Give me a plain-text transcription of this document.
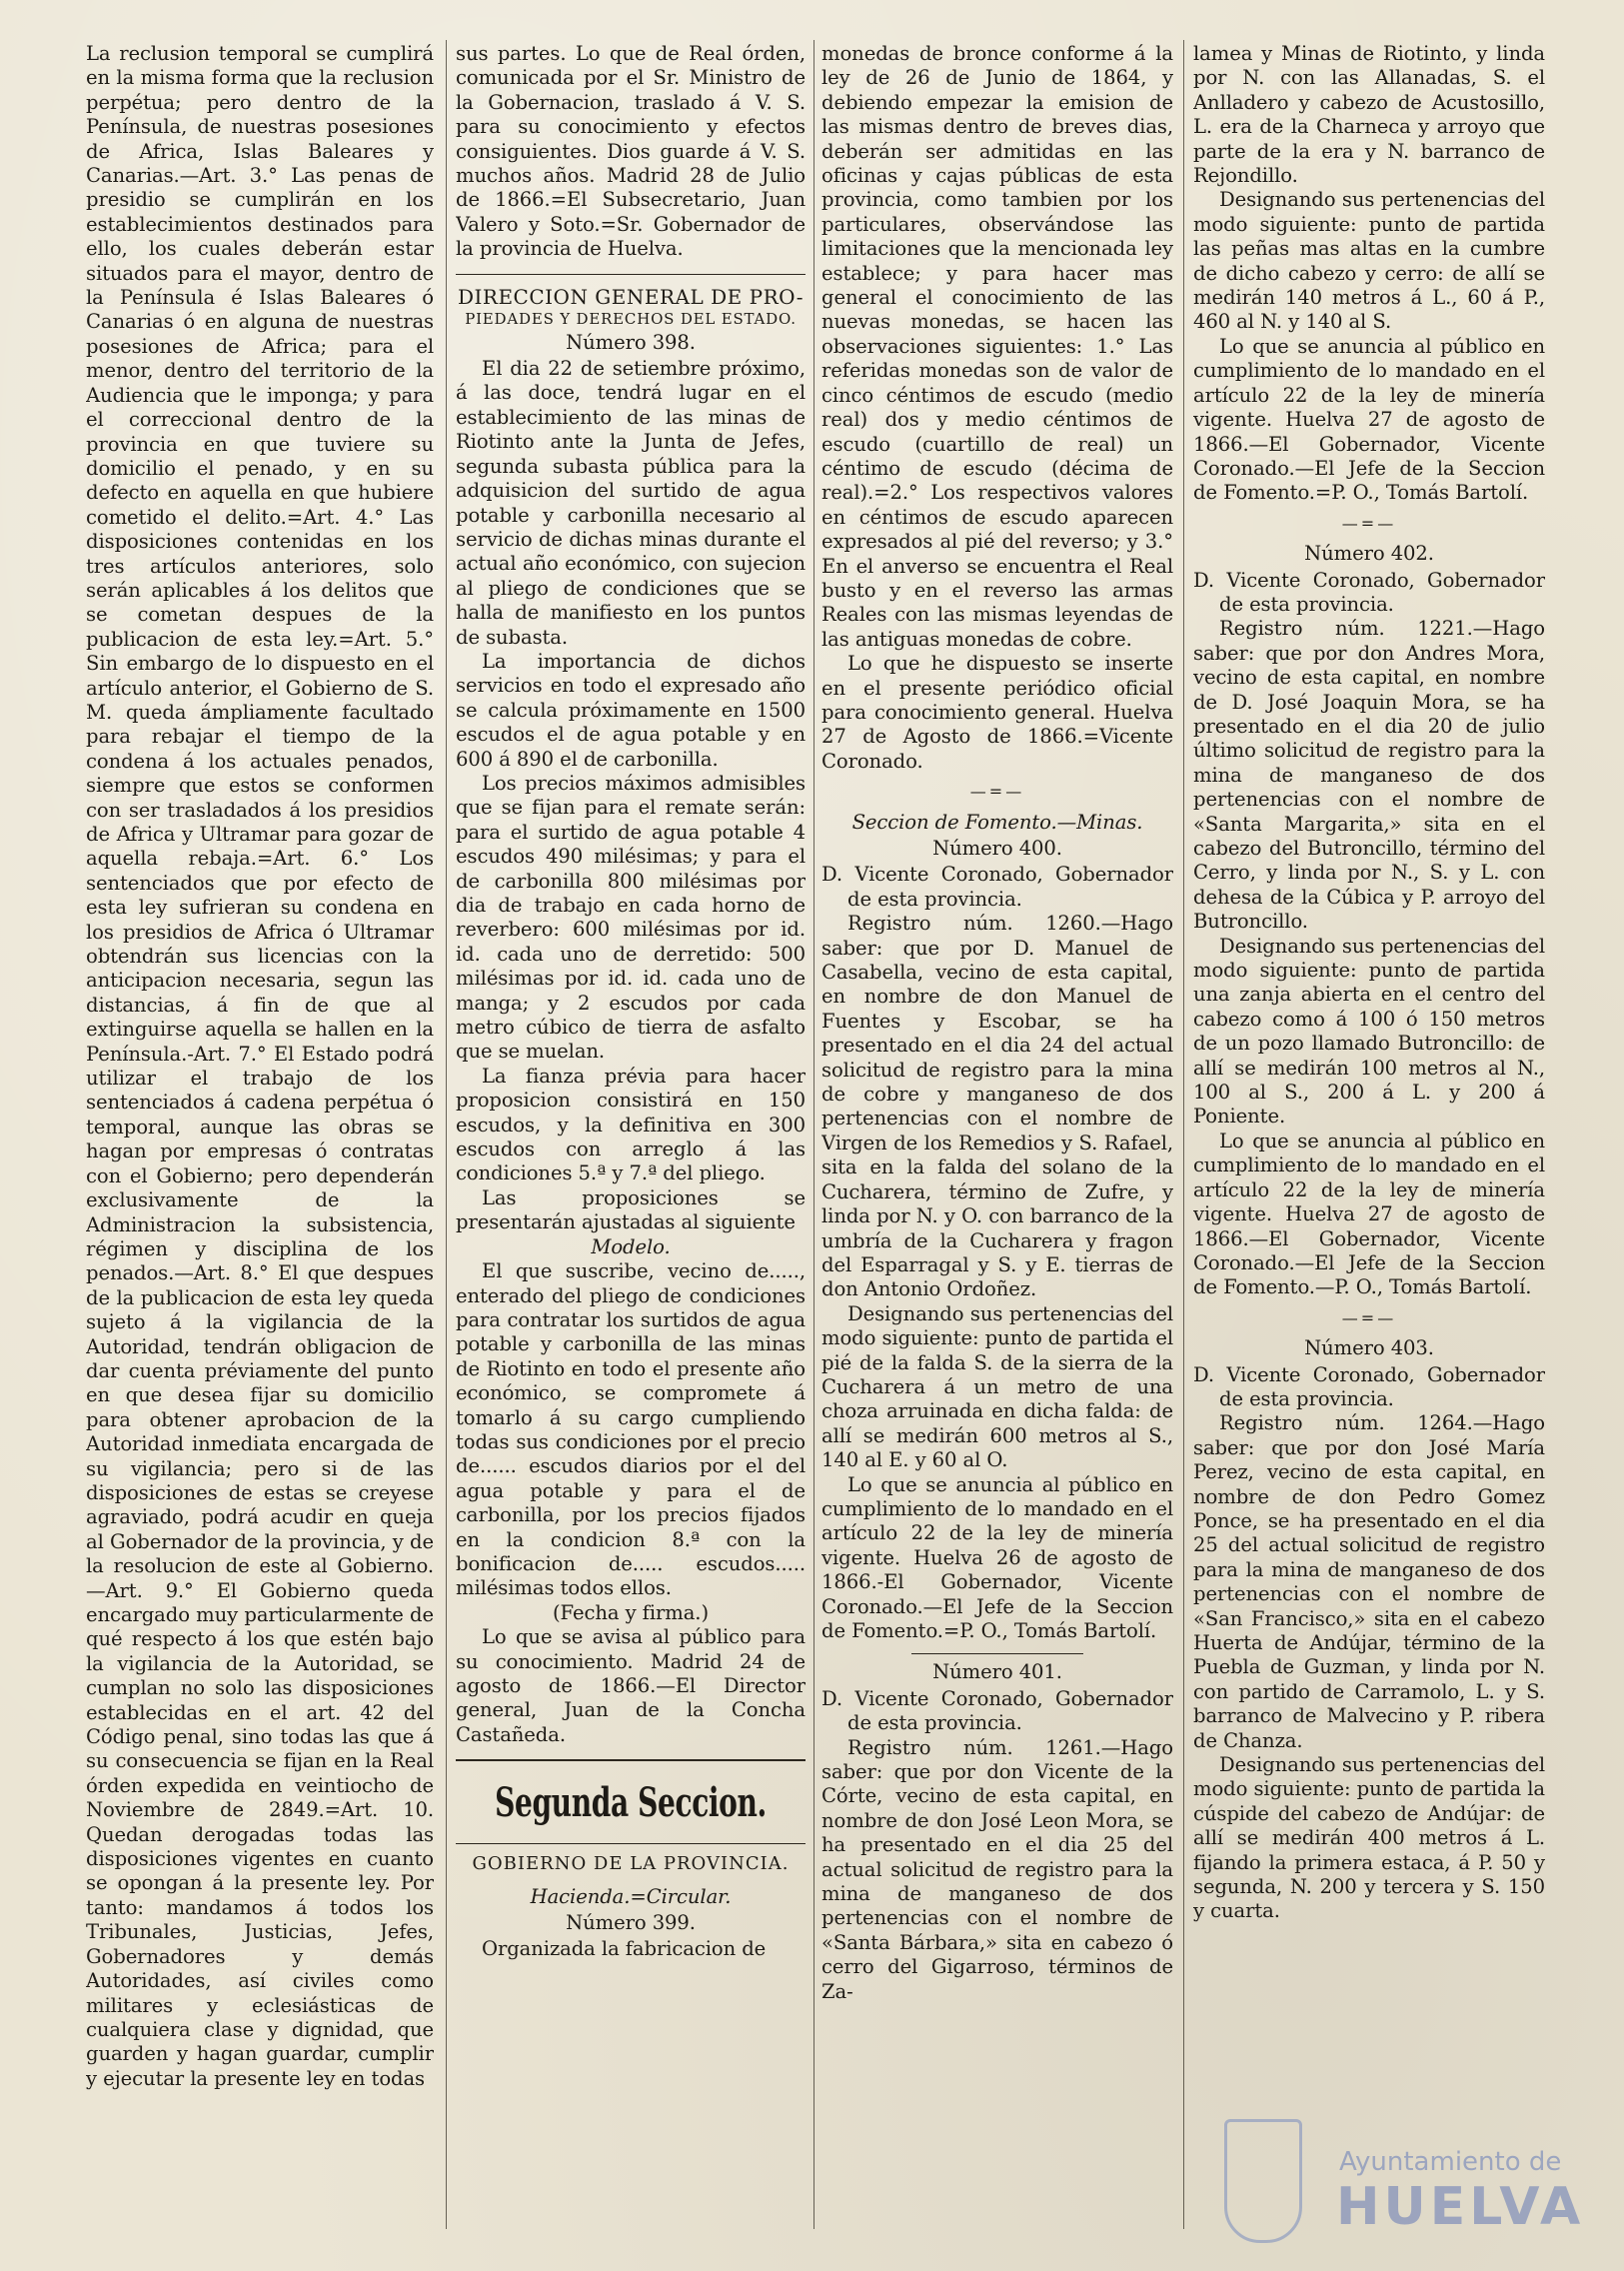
La reclusion temporal se cumplirá en la misma forma que la reclusion perpétua; pero dentro de la Península, de nuestras posesiones de Africa, Islas Baleares y Canarias.—Art. 3.° Las penas de presidio se cumplirán en los establecimientos destinados para ello, los cuales deberán estar situados para el mayor, dentro de la Península é Islas Baleares ó Canarias ó en alguna de nuestras posesiones de Africa; para el menor, dentro del territorio de la Audiencia que le imponga; y para el correccional dentro de la provincia en que tuviere su domicilio el penado, y en su defecto en aquella en que hubiere cometido el delito.=Art. 4.° Las disposiciones contenidas en los tres artículos anteriores, solo serán aplicables á los delitos que se cometan despues de la publicacion de esta ley.=Art. 5.° Sin embargo de lo dispuesto en el artículo anterior, el Gobierno de S. M. queda ámpliamente facultado para rebajar el tiempo de la condena á los actuales penados, siempre que estos se conformen con ser trasladados á los presidios de Africa y Ultramar para gozar de aquella rebaja.=Art. 6.° Los sentenciados que por efecto de esta ley sufrieran su condena en los presidios de Africa ó Ultramar obtendrán sus licencias con la anticipacion necesaria, segun las distancias, á fin de que al extinguirse aquella se hallen en la Península.-Art. 7.° El Estado podrá utilizar el trabajo de los sentenciados á cadena perpétua ó temporal, aunque las obras se hagan por empresas ó contratas con el Gobierno; pero dependerán exclusivamente de la Administracion la subsistencia, régimen y disciplina de los penados.—Art. 8.° El que despues de la publicacion de esta ley queda sujeto á la vigilancia de la Autoridad, tendrán obligacion de dar cuenta préviamente del punto en que desea fijar su domicilio para obtener aprobacion de la Autoridad inmediata encargada de su vigilancia; pero si de las disposiciones de estas se creyese agraviado, podrá acudir en queja al Gobernador de la provincia, y de la resolucion de este al Gobierno.—Art. 9.° El Gobierno queda encargado muy particularmente de qué respecto á los que estén bajo la vigilancia de la Autoridad, se cumplan no solo las disposiciones establecidas en el art. 42 del Código penal, sino todas las que á su consecuencia se fijan en la Real órden expedida en veintiocho de Noviembre de 2849.=Art. 10. Quedan derogadas todas las disposiciones vigentes en cuanto se opongan á la presente ley. Por tanto: mandamos á todos los Tribunales, Justicias, Jefes, Gobernadores y demás Autoridades, así civiles como militares y eclesiásticas de cualquiera clase y dignidad, que guarden y hagan guardar, cumplir y ejecutar la presente ley en todas

sus partes. Lo que de Real órden, comunicada por el Sr. Ministro de la Gobernacion, traslado á V. S. para su conocimiento y efectos consiguientes. Dios guarde á V. S. muchos años. Madrid 28 de Julio de 1866.=El Subsecretario, Juan Valero y Soto.=Sr. Gobernador de la provincia de Huelva.

DIRECCION GENERAL DE PRO-

PIEDADES Y DERECHOS DEL ESTADO.

Número 398.

El dia 22 de setiembre próximo, á las doce, tendrá lugar en el establecimiento de las minas de Riotinto ante la Junta de Jefes, segunda subasta pública para la adquisicion del surtido de agua potable y carbonilla necesario al servicio de dichas minas durante el actual año económico, con sujecion al pliego de condiciones que se halla de manifiesto en los puntos de subasta.

La importancia de dichos servicios en todo el expresado año se calcula próximamente en 1500 escudos el de agua potable y en 600 á 890 el de carbonilla.

Los precios máximos admisibles que se fijan para el remate serán: para el surtido de agua potable 4 escudos 490 milésimas; y para el de carbonilla 800 milésimas por dia de trabajo en cada horno de reverbero: 600 milésimas por id. id. cada uno de derretido: 500 milésimas por id. id. cada uno de manga; y 2 escudos por cada metro cúbico de tierra de asfalto que se muelan.

La fianza prévia para hacer proposicion consistirá en 150 escudos, y la definitiva en 300 escudos con arreglo á las condiciones 5.ª y 7.ª del pliego.

Las proposiciones se presentarán ajustadas al siguiente

Modelo.

El que suscribe, vecino de....., enterado del pliego de condiciones para contratar los surtidos de agua potable y carbonilla de las minas de Riotinto en todo el presente año económico, se compromete á tomarlo á su cargo cumpliendo todas sus condiciones por el precio de...... escudos diarios por el del agua potable y para el de carbonilla, por los precios fijados en la condicion 8.ª con la bonificacion de..... escudos..... milésimas todos ellos.

(Fecha y firma.)

Lo que se avisa al público para su conocimiento. Madrid 24 de agosto de 1866.—El Director general, Juan de la Concha Castañeda.

Segunda Seccion.

GOBIERNO DE LA PROVINCIA.

Hacienda.=Circular.

Número 399.

Organizada la fabricacion de

monedas de bronce conforme á la ley de 26 de Junio de 1864, y debiendo empezar la emision de las mismas dentro de breves dias, deberán ser admitidas en las oficinas y cajas públicas de esta provincia, como tambien por los particulares, observándose las limitaciones que la mencionada ley establece; y para hacer mas general el conocimiento de las nuevas monedas, se hacen las observaciones siguientes: 1.° Las referidas monedas son de valor de cinco céntimos de escudo (medio real) dos y medio céntimos de escudo (cuartillo de real) un céntimo de escudo (décima de real).=2.° Los respectivos valores en céntimos de escudo aparecen expresados al pié del reverso; y 3.° En el anverso se encuentra el Real busto y en el reverso las armas Reales con las mismas leyendas de las antiguas monedas de cobre.

Lo que he dispuesto se inserte en el presente periódico oficial para conocimiento general. Huelva 27 de Agosto de 1866.=Vicente Coronado.

—=—

Seccion de Fomento.—Minas.

Número 400.

D. Vicente Coronado, Gobernador de esta provincia.

Registro núm. 1260.—Hago saber: que por D. Manuel de Casabella, vecino de esta capital, en nombre de don Manuel de Fuentes y Escobar, se ha presentado en el dia 24 del actual solicitud de registro para la mina de cobre y manganeso de dos pertenencias con el nombre de Virgen de los Remedios y S. Rafael, sita en la falda del solano de la Cucharera, término de Zufre, y linda por N. y O. con barranco de la umbría de la Cucharera y fragon del Esparragal y S. y E. tierras de don Antonio Ordoñez.

Designando sus pertenencias del modo siguiente: punto de partida el pié de la falda S. de la sierra de la Cucharera á un metro de una choza arruinada en dicha falda: de allí se medirán 600 metros al S., 140 al E. y 60 al O.

Lo que se anuncia al público en cumplimiento de lo mandado en el artículo 22 de la ley de minería vigente. Huelva 26 de agosto de 1866.-El Gobernador, Vicente Coronado.—El Jefe de la Seccion de Fomento.=P. O., Tomás Bartolí.

Número 401.

D. Vicente Coronado, Gobernador de esta provincia.

Registro núm. 1261.—Hago saber: que por don Vicente de la Córte, vecino de esta capital, en nombre de don José Leon Mora, se ha presentado en el dia 25 del actual solicitud de registro para la mina de manganeso de dos pertenencias con el nombre de «Santa Bárbara,» sita en cabezo ó cerro del Gigarroso, términos de Za-

lamea y Minas de Riotinto, y linda por N. con las Allanadas, S. el Anlladero y cabezo de Acustosillo, L. era de la Charneca y arroyo que parte de la era y N. barranco de Rejondillo.

Designando sus pertenencias del modo siguiente: punto de partida las peñas mas altas en la cumbre de dicho cabezo y cerro: de allí se medirán 140 metros á L., 60 á P., 460 al N. y 140 al S.

Lo que se anuncia al público en cumplimiento de lo mandado en el artículo 22 de la ley de minería vigente. Huelva 27 de agosto de 1866.—El Gobernador, Vicente Coronado.—El Jefe de la Seccion de Fomento.=P. O., Tomás Bartolí.

—=—

Número 402.

D. Vicente Coronado, Gobernador de esta provincia.

Registro núm. 1221.—Hago saber: que por don Andres Mora, vecino de esta capital, en nombre de D. José Joaquin Mora, se ha presentado en el dia 20 de julio último solicitud de registro para la mina de manganeso de dos pertenencias con el nombre de «Santa Margarita,» sita en el cabezo del Butroncillo, término del Cerro, y linda por N., S. y L. con dehesa de la Cúbica y P. arroyo del Butroncillo.

Designando sus pertenencias del modo siguiente: punto de partida una zanja abierta en el centro del cabezo como á 100 ó 150 metros de un pozo llamado Butroncillo: de allí se medirán 100 metros al N., 100 al S., 200 á L. y 200 á Poniente.

Lo que se anuncia al público en cumplimiento de lo mandado en el artículo 22 de la ley de minería vigente. Huelva 27 de agosto de 1866.—El Gobernador, Vicente Coronado.—El Jefe de la Seccion de Fomento.—P. O., Tomás Bartolí.

—=—

Número 403.

D. Vicente Coronado, Gobernador de esta provincia.

Registro núm. 1264.—Hago saber: que por don José María Perez, vecino de esta capital, en nombre de don Pedro Gomez Ponce, se ha presentado en el dia 25 del actual solicitud de registro para la mina de manganeso de dos pertenencias con el nombre de «San Francisco,» sita en el cabezo Huerta de Andújar, término de la Puebla de Guzman, y linda por N. con partido de Carramolo, L. y S. barranco de Malvecino y P. ribera de Chanza.

Designando sus pertenencias del modo siguiente: punto de partida la cúspide del cabezo de Andújar: de allí se medirán 400 metros á L. fijando la primera estaca, á P. 50 y segunda, N. 200 y tercera y S. 150 y cuarta.

Ayuntamiento de
HUELVA
